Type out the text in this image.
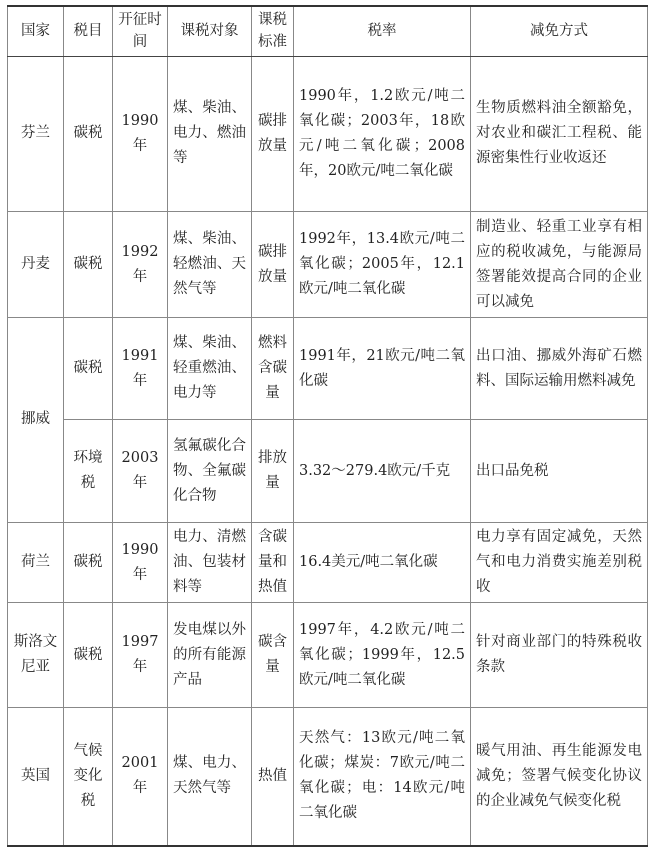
国家	税目	开征时间	课税对象	课税标准	税率	减免方式
芬兰	碳税	1990年	煤、柴油、电力、燃油等	碳排放量	1990年，1.2欧元/吨二氧化碳；2003年，18欧元/吨二氧化碳；2008年，20欧元/吨二氧化碳	生物质燃料油全额豁免，对农业和碳汇工程税、能源密集性行业收返还
丹麦	碳税	1992年	煤、柴油、轻燃油、天然气等	碳排放量	1992年，13.4欧元/吨二氧化碳；2005年，12.1欧元/吨二氧化碳	制造业、轻重工业享有相应的税收减免，与能源局签署能效提高合同的企业可以减免
挪威	碳税	1991年	煤、柴油、轻重燃油、电力等	燃料含碳量	1991年，21欧元/吨二氧化碳	出口油、挪威外海矿石燃料、国际运输用燃料减免
	环境税	2003年	氢氟碳化合物、全氟碳化合物	排放量	3.32～279.4欧元/千克	出口品免税
荷兰	碳税	1990年	电力、清燃油、包装材料等	含碳量和热值	16.4美元/吨二氧化碳	电力享有固定减免，天然气和电力消费实施差别税收
斯洛文尼亚	碳税	1997年	发电煤以外的所有能源产品	碳含量	1997年，4.2欧元/吨二氧化碳；1999年，12.5欧元/吨二氧化碳	针对商业部门的特殊税收条款
英国	气候变化税	2001年	煤、电力、天然气等	热值	天然气：13欧元/吨二氧化碳；煤炭：7欧元/吨二氧化碳；电：14欧元/吨二氧化碳	暖气用油、再生能源发电减免；签署气候变化协议的企业减免气候变化税
